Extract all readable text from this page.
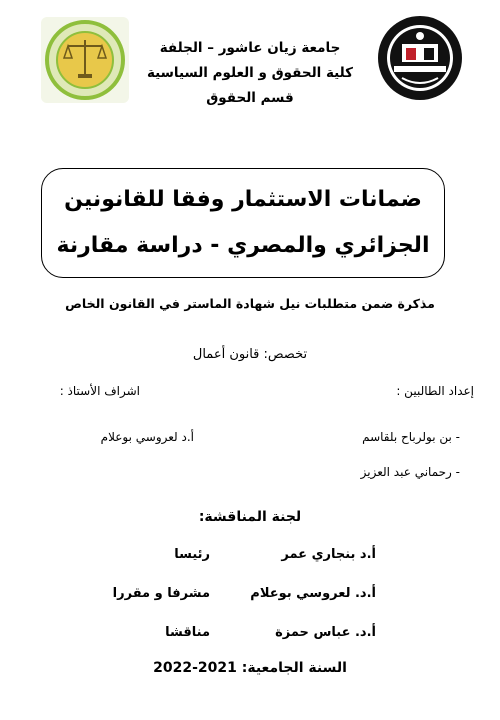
جامعة زيان عاشور – الجلفة
كلية الحقوق و العلوم السياسية
قسم الحقوق
ضمانات الاستثمار وفقا للقانونين
الجزائري والمصري - دراسة مقارنة
مذكرة ضمن متطلبات نيل شهادة الماستر في القانون الخاص
تخصص: قانون أعمال
إعداد الطالبين :
اشراف الأستاذ :
- بن بولرباح بلقاسم
- رحماني عبد العزيز
أ.د لعروسي بوعلام
لجنة المناقشة:
أ.د بنجاري عمر
رئيسا
أ.د. لعروسي بوعلام
مشرفا و مقررا
أ.د. عباس حمزة
مناقشا
السنة الجامعية: 2021-2022
